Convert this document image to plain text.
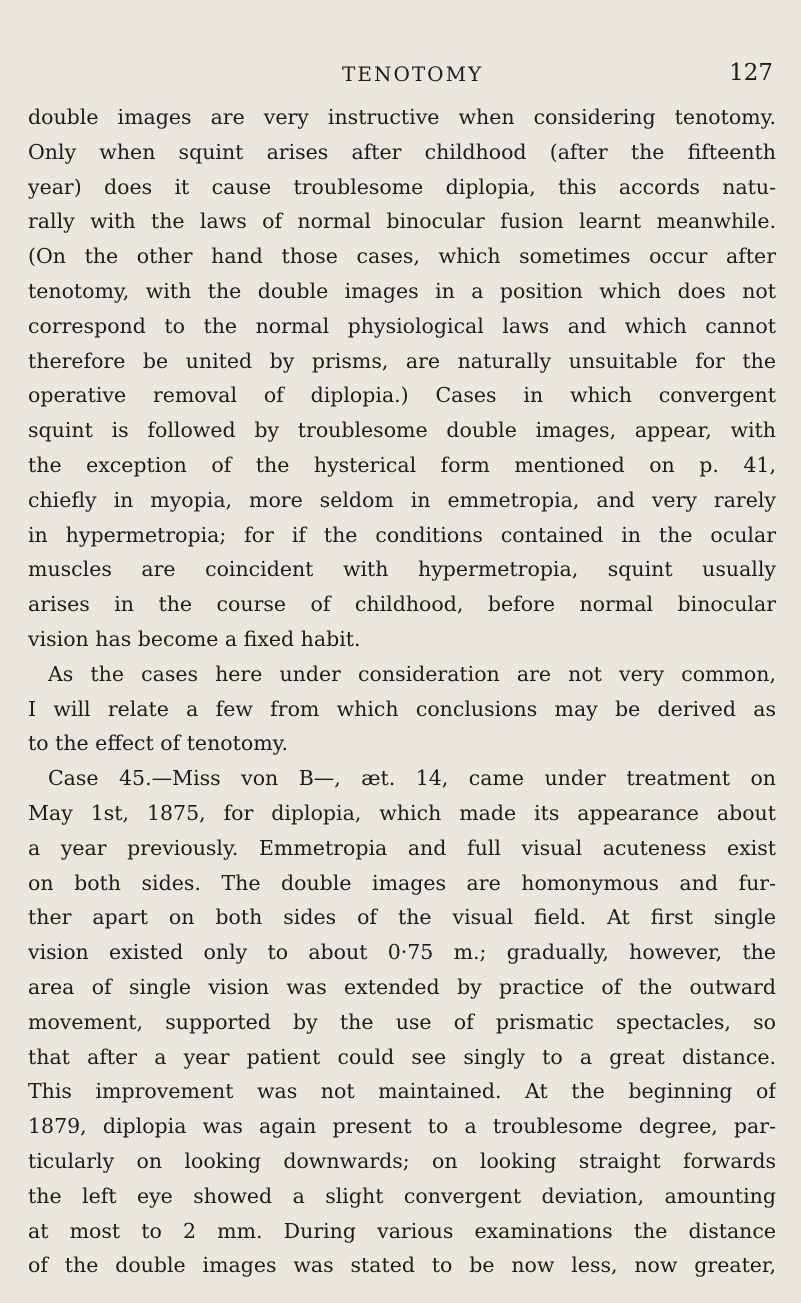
TENOTOMY	127
double images are very instructive when considering tenotomy.
Only when squint arises after childhood (after the fifteenth
year) does it cause troublesome diplopia, this accords natu-
rally with the laws of normal binocular fusion learnt meanwhile.
(On the other hand those cases, which sometimes occur after
tenotomy, with the double images in a position which does not
correspond to the normal physiological laws and which cannot
therefore be united by prisms, are naturally unsuitable for the
operative removal of diplopia.) Cases in which convergent
squint is followed by troublesome double images, appear, with
the exception of the hysterical form mentioned on p. 41,
chiefly in myopia, more seldom in emmetropia, and very rarely
in hypermetropia; for if the conditions contained in the ocular
muscles are coincident with hypermetropia, squint usually
arises in the course of childhood, before normal binocular
vision has become a fixed habit.
As the cases here under consideration are not very common,
I will relate a few from which conclusions may be derived as
to the effect of tenotomy.
Case 45.—Miss von B—, æt. 14, came under treatment on
May 1st, 1875, for diplopia, which made its appearance about
a year previously. Emmetropia and full visual acuteness exist
on both sides. The double images are homonymous and fur-
ther apart on both sides of the visual field. At first single
vision existed only to about 0·75 m.; gradually, however, the
area of single vision was extended by practice of the outward
movement, supported by the use of prismatic spectacles, so
that after a year patient could see singly to a great distance.
This improvement was not maintained. At the beginning of
1879, diplopia was again present to a troublesome degree, par-
ticularly on looking downwards; on looking straight forwards
the left eye showed a slight convergent deviation, amounting
at most to 2 mm. During various examinations the distance
of the double images was stated to be now less, now greater,
